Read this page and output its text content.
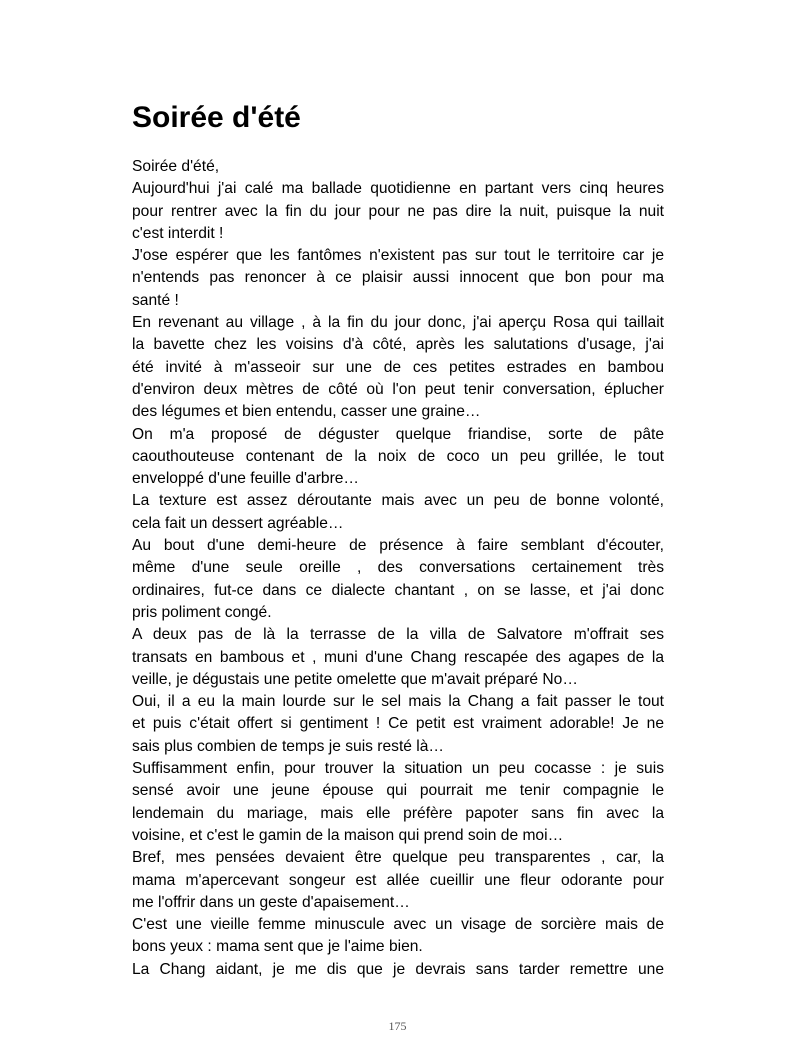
Soirée d'été
Soirée d'été,
Aujourd'hui j'ai calé ma ballade quotidienne en partant vers cinq heures
pour rentrer avec la fin du jour pour ne pas dire la nuit, puisque la nuit
c'est interdit !
J'ose espérer que les fantômes n'existent pas sur tout le territoire car je
n'entends pas renoncer à ce plaisir aussi innocent que bon pour ma
santé !
En revenant au village , à la fin du jour donc, j'ai aperçu Rosa qui taillait
la bavette chez les voisins d'à côté, après les salutations d'usage, j'ai
été invité à m'asseoir sur une de ces petites estrades en bambou
d'environ deux mètres de côté où l'on peut tenir conversation, éplucher
des légumes et bien entendu, casser une graine…
On m'a proposé de déguster quelque friandise, sorte de pâte
caouthouteuse contenant de la noix de coco un peu grillée, le tout
enveloppé d'une feuille d'arbre…
La texture est assez déroutante mais avec un peu de bonne volonté,
cela fait un dessert agréable…
Au bout d'une demi-heure de présence à faire semblant d'écouter,
même d'une seule oreille , des conversations certainement très
ordinaires, fut-ce dans ce dialecte chantant , on se lasse, et j'ai donc
pris poliment congé.
A deux pas de là la terrasse de la villa de Salvatore m'offrait ses
transats en bambous et , muni d'une Chang rescapée des agapes de la
veille, je dégustais une petite omelette que m'avait préparé No…
Oui, il a eu la main lourde sur le sel mais la Chang a fait passer le tout
et puis c'était offert si gentiment ! Ce petit est vraiment adorable! Je ne
sais plus combien de temps je suis resté là…
Suffisamment enfin, pour trouver la situation un peu cocasse : je suis
sensé avoir une jeune épouse qui pourrait me tenir compagnie le
lendemain du mariage, mais elle préfère papoter sans fin avec la
voisine, et c'est le gamin de la maison qui prend soin de moi…
Bref, mes pensées devaient être quelque peu transparentes , car, la
mama m'apercevant songeur est allée cueillir une fleur odorante pour
me l'offrir dans un geste d'apaisement…
C'est une vieille femme minuscule avec un visage de sorcière mais de
bons yeux : mama sent que je l'aime bien.
La Chang aidant, je me dis que je devrais sans tarder remettre une
175
